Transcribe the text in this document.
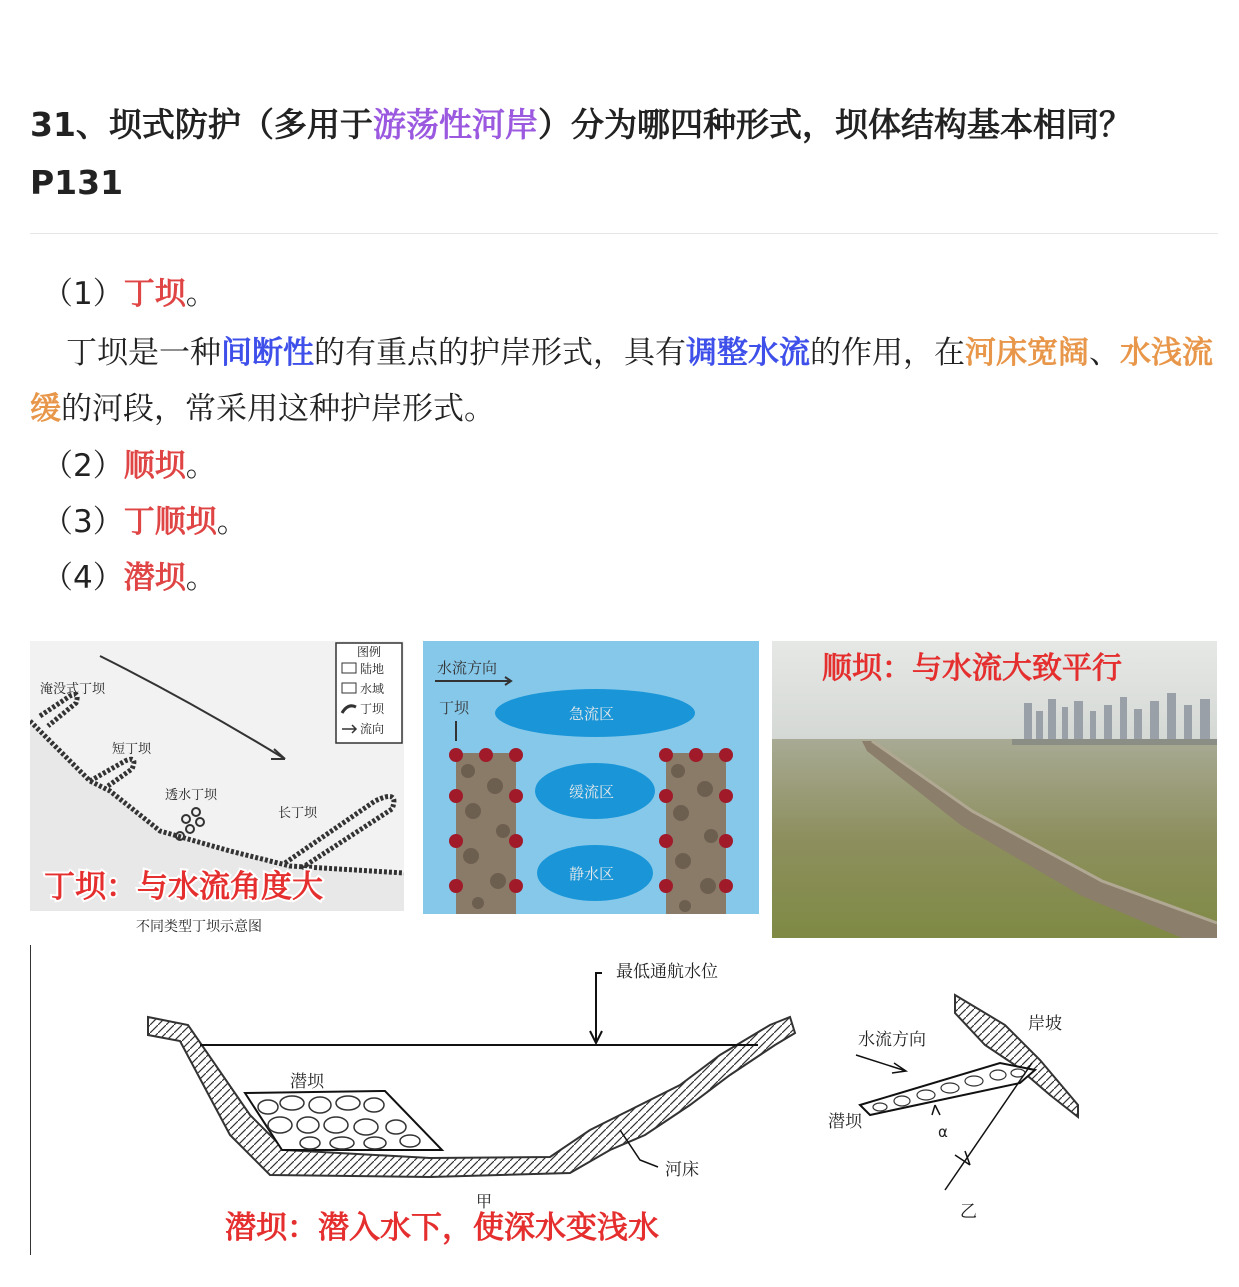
31、坝式防护（多用于游荡性河岸）分为哪四种形式，坝体结构基本相同？P131
（1）丁坝。
丁坝是一种间断性的有重点的护岸形式，具有调整水流的作用，在河床宽阔、水浅流缓的河段，常采用这种护岸形式。
（2）顺坝。
（3）丁顺坝。
（4）潜坝。
图例
陆地
水域
丁坝
流向
淹没式丁坝
短丁坝
透水丁坝
长丁坝
丁坝：与水流角度大
不同类型丁坝示意图
水流方向
丁坝	急流区
缓流区
静水区
顺坝：与水流大致平行
最低通航水位
潜坝
河床
甲
潜坝：潜入水下，使深水变浅水
岸坡
水流方向
潜坝	α
乙
